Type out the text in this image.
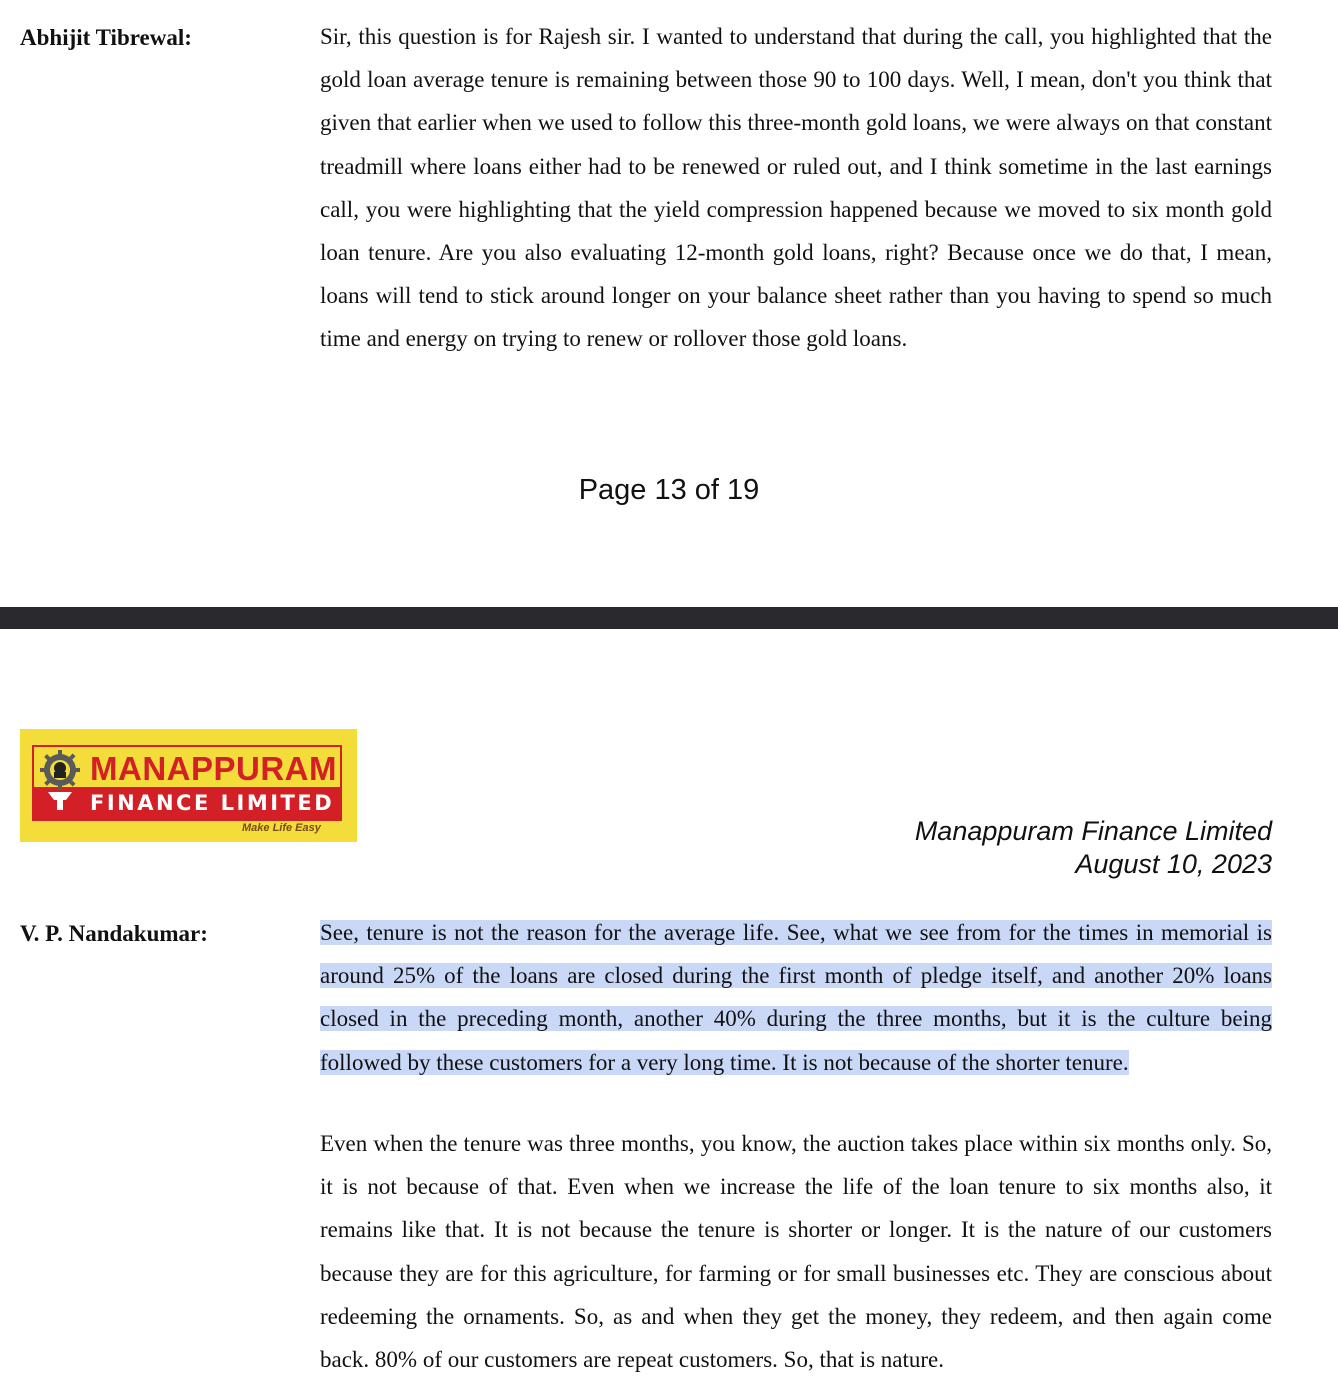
Abhijit Tibrewal:	Sir, this question is for Rajesh sir. I wanted to understand that during the call, you highlighted that the gold loan average tenure is remaining between those 90 to 100 days. Well, I mean, don't you think that given that earlier when we used to follow this three-month gold loans, we were always on that constant treadmill where loans either had to be renewed or ruled out, and I think sometime in the last earnings call, you were highlighting that the yield compression happened because we moved to six month gold loan tenure. Are you also evaluating 12-month gold loans, right? Because once we do that, I mean, loans will tend to stick around longer on your balance sheet rather than you having to spend so much time and energy on trying to renew or rollover those gold loans.

Page 13 of 19
MANAPPURAM
FINANCE LIMITED
Make Life Easy	Manappuram Finance Limited
August 10, 2023
V. P. Nandakumar:	See, tenure is not the reason for the average life. See, what we see from for the times in memorial is around 25% of the loans are closed during the first month of pledge itself, and another 20% loans closed in the preceding month, another 40% during the three months, but it is the culture being followed by these customers for a very long time. It is not because of the shorter tenure.

Even when the tenure was three months, you know, the auction takes place within six months only. So, it is not because of that. Even when we increase the life of the loan tenure to six months also, it remains like that. It is not because the tenure is shorter or longer. It is the nature of our customers because they are for this agriculture, for farming or for small businesses etc. They are conscious about redeeming the ornaments. So, as and when they get the money, they redeem, and then again come back. 80% of our customers are repeat customers. So, that is nature.
